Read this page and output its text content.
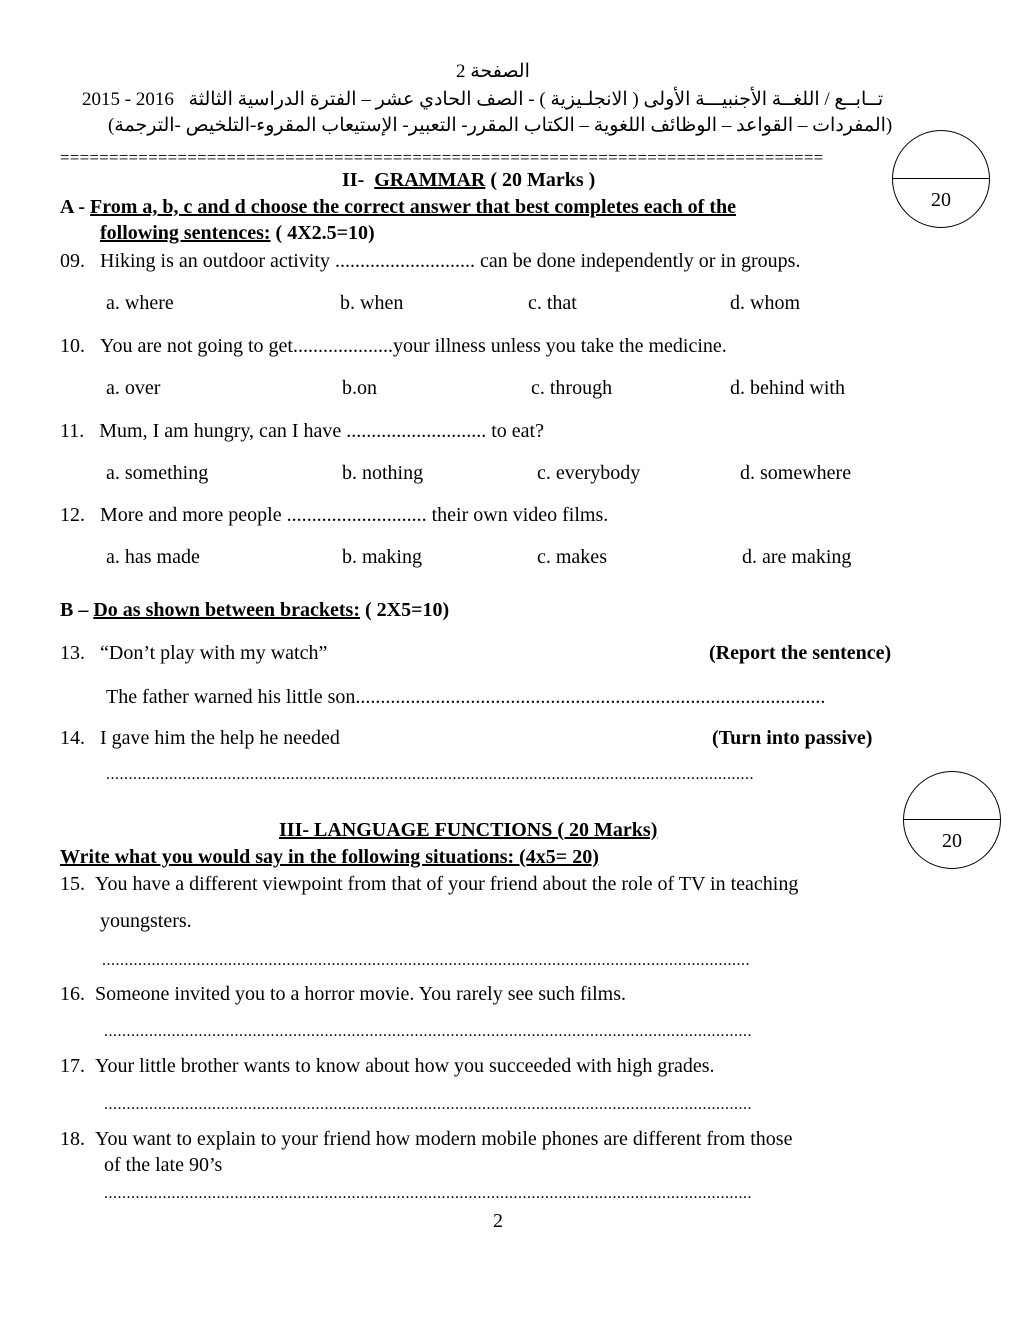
الصفحة 2
2015 - 2016 تــابــع / اللغــة الأجنبيـــة الأولى ( الانجلـيزية ) - الصف الحادي عشر – الفترة الدراسية الثالثة
(المفردات – القواعد – الوظائف اللغوية – الكتاب المقرر- التعبير- الإستيعاب المقروء-التلخيص -الترجمة)
==============================================================================
20
II- GRAMMAR ( 20 Marks )
A - From a, b, c and d choose the correct answer that best completes each of the
following sentences: ( 4X2.5=10)
09. Hiking is an outdoor activity ............................ can be done independently or in groups.
a. where	b. when	c. that	d. whom
10. You are not going to get....................your illness unless you take the medicine.
a. over	b.on	c. through	d. behind with
11. Mum, I am hungry, can I have ............................ to eat?
a. something	b. nothing	c. everybody	d. somewhere
12. More and more people ............................ their own video films.
a. has made	b. making	c. makes	d. are making
B – Do as shown between brackets: ( 2X5=10)
13. “Don’t play with my watch”	(Report the sentence)
The father warned his little son..............................................................................................
14. I gave him the help he needed	(Turn into passive)
................................................................................................................................................
20
III- LANGUAGE FUNCTIONS ( 20 Marks)
Write what you would say in the following situations: (4x5= 20)
15. You have a different viewpoint from that of your friend about the role of TV in teaching
youngsters.
................................................................................................................................................
16. Someone invited you to a horror movie. You rarely see such films.
................................................................................................................................................
17. Your little brother wants to know about how you succeeded with high grades.
................................................................................................................................................
18. You want to explain to your friend how modern mobile phones are different from those
of the late 90’s
................................................................................................................................................
2
